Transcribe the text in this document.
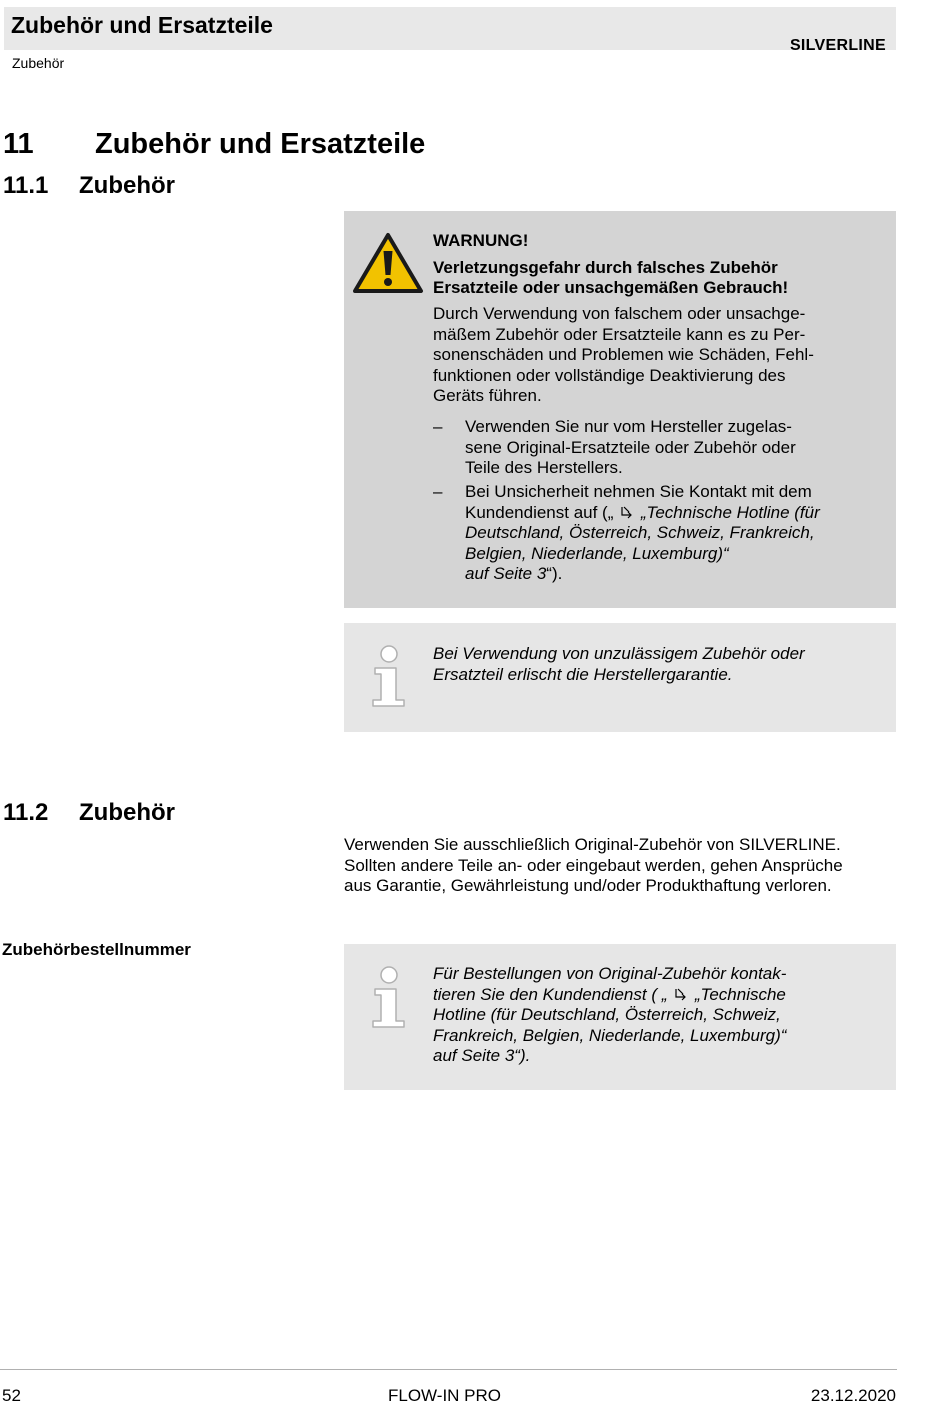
Zubehör und Ersatzteile
SILVERLINE
Zubehör
11 Zubehör und Ersatzteile
11.1 Zubehör
WARNUNG!
Verletzungsgefahr durch falsches Zubehör
Ersatzteile oder unsachgemäßen Gebrauch!
Durch Verwendung von falschem oder unsachge-
mäßem Zubehör oder Ersatzteile kann es zu Per-
sonenschäden und Problemen wie Schäden, Fehl-
funktionen oder vollständige Deaktivierung des
Geräts führen.
– Verwenden Sie nur vom Hersteller zugelas-
sene Original-Ersatzteile oder Zubehör oder
Teile des Herstellers.
– Bei Unsicherheit nehmen Sie Kontakt mit dem
Kundendienst auf („ „Technische Hotline (für
Deutschland, Österreich, Schweiz, Frankreich,
Belgien, Niederlande, Luxemburg)“
auf Seite 3“).
Bei Verwendung von unzulässigem Zubehör oder
Ersatzteil erlischt die Herstellergarantie.
11.2 Zubehör
Verwenden Sie ausschließlich Original-Zubehör von SILVERLINE.
Sollten andere Teile an- oder eingebaut werden, gehen Ansprüche
aus Garantie, Gewährleistung und/oder Produkthaftung verloren.
Zubehörbestellnummer
Für Bestellungen von Original-Zubehör kontak-
tieren Sie den Kundendienst ( „ „Technische
Hotline (für Deutschland, Österreich, Schweiz,
Frankreich, Belgien, Niederlande, Luxemburg)“
auf Seite 3“).
52	FLOW-IN PRO	23.12.2020
